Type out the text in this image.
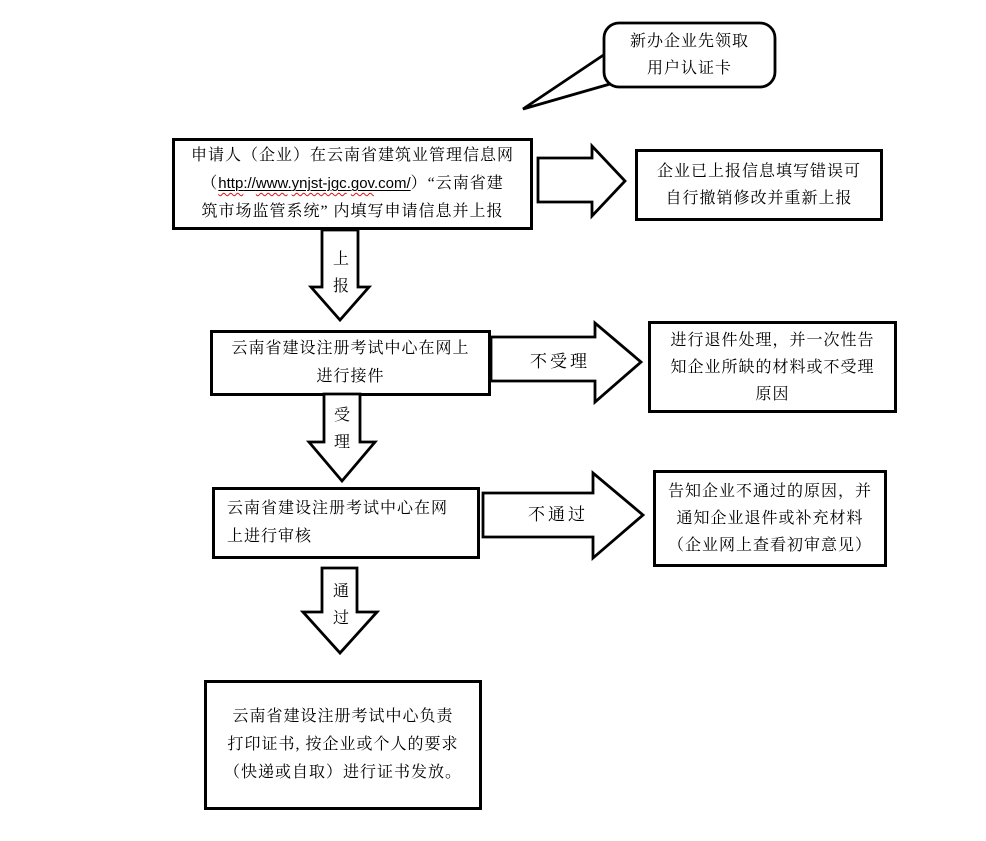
新办企业先领取
用户认证卡
申请人（企业）在云南省建筑业管理信息网
（http://www.ynjst-jgc.gov.com/）“云南省建
筑市场监管系统” 内填写申请信息并上报
企业已上报信息填写错误可
自行撤销修改并重新上报
上报
云南省建设注册考试中心在网上
进行接件
不受理
进行退件处理，并一次性告
知企业所缺的材料或不受理
原因
受理
云南省建设注册考试中心在网
上进行审核
不通过
告知企业不通过的原因，并
通知企业退件或补充材料
（企业网上查看初审意见）
通过
云南省建设注册考试中心负责
打印证书, 按企业或个人的要求
（快递或自取）进行证书发放。
